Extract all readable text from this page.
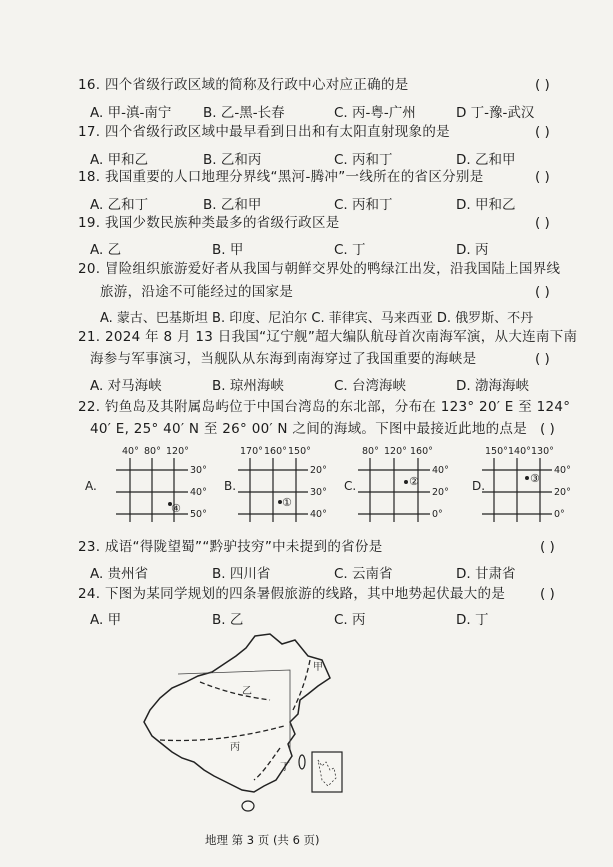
16. 四个省级行政区域的简称及行政中心对应正确的是	( )
A. 甲-滇-南宁 B. 乙-黑-长春	C. 丙-粤-广州	D 丁-豫-武汉
17. 四个省级行政区域中最早看到日出和有太阳直射现象的是	( )
A. 甲和乙	B. 乙和丙	C. 丙和丁	D. 乙和甲
18. 我国重要的人口地理分界线“黑河-腾冲”一线所在的省区分别是	( )
A. 乙和丁	B. 乙和甲	C. 丙和丁	D. 甲和乙
19. 我国少数民族种类最多的省级行政区是	( )
A. 乙	B. 甲	C. 丁	D. 丙
20. 冒险组织旅游爱好者从我国与朝鲜交界处的鸭绿江出发，沿我国陆上国界线
旅游，沿途不可能经过的国家是	( )
A. 蒙古、巴基斯坦 B. 印度、尼泊尔 C. 菲律宾、马来西亚 D. 俄罗斯、不丹
21. 2024 年 8 月 13 日我国“辽宁舰”超大编队航母首次南海军演，从大连南下南
海参与军事演习，当舰队从东海到南海穿过了我国重要的海峡是	( )
A. 对马海峡	B. 琼州海峡	C. 台湾海峡	D. 渤海海峡
22. 钓鱼岛及其附属岛屿位于中国台湾岛的东北部，分布在 123° 20′ E 至 124°
40′ E, 25° 40′ N 至 26° 00′ N 之间的海域。下图中最接近此地的点是 ( )
A.
40° 80° 120°
30°
40°
50°
④
B.
170° 160° 150°
20°
30°
40°
①
C.
80° 120° 160°
40°
20°
0°
②	D.
150° 140° 130°
40°
20°
0°
③
23. 成语“得陇望蜀”“黔驴技穷”中未提到的省份是	( )
A. 贵州省	B. 四川省	C. 云南省	D. 甘肃省
24. 下图为某同学规划的四条暑假旅游的线路，其中地势起伏最大的是	( )
A. 甲	B. 乙	C. 丙	D. 丁
甲
乙
丙
丁
地理 第 3 页 (共 6 页)
